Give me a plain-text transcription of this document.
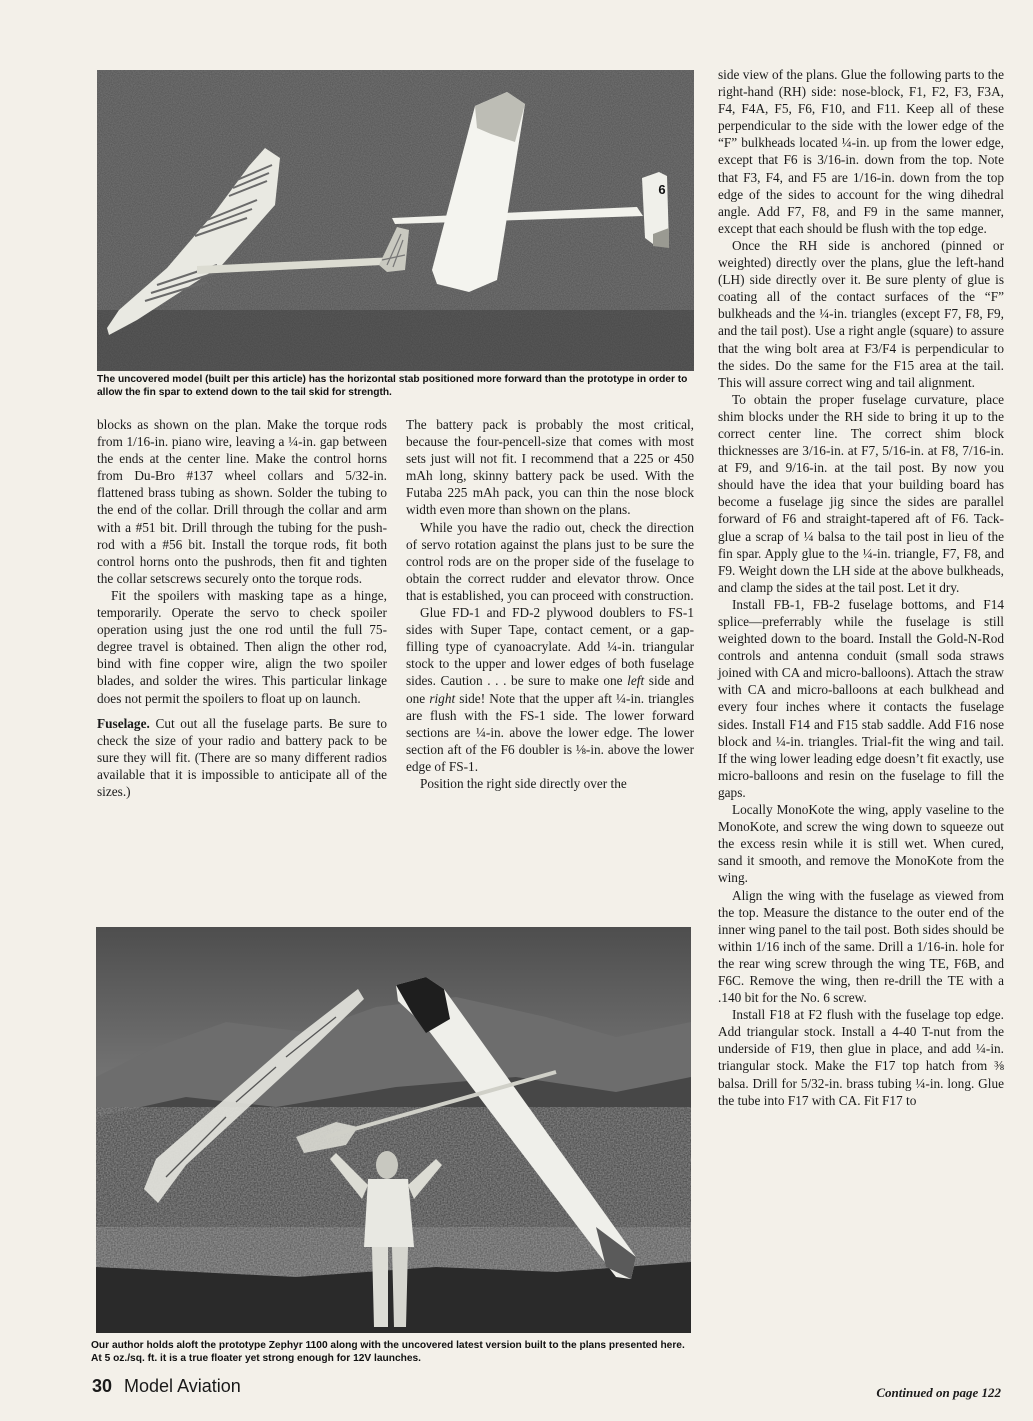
6
The uncovered model (built per this article) has the horizontal stab positioned more forward than the prototype in order to allow the fin spar to extend down to the tail skid for strength.

blocks as shown on the plan. Make the torque rods from 1/16-in. piano wire, leaving a ¼-in. gap between the ends at the center line. Make the control horns from Du-Bro #137 wheel collars and 5/32-in. flattened brass tubing as shown. Solder the tubing to the end of the collar. Drill through the collar and arm with a #51 bit. Drill through the tubing for the push-rod with a #56 bit. Install the torque rods, fit both control horns onto the pushrods, then fit and tighten the collar setscrews securely onto the torque rods.

Fit the spoilers with masking tape as a hinge, temporarily. Operate the servo to check spoiler operation using just the one rod until the full 75-degree travel is obtained. Then align the other rod, bind with fine copper wire, align the two spoiler blades, and solder the wires. This particular linkage does not permit the spoilers to float up on launch.

Fuselage. Cut out all the fuselage parts. Be sure to check the size of your radio and battery pack to be sure they will fit. (There are so many different radios available that it is impossible to anticipate all of the sizes.)

The battery pack is probably the most critical, because the four-pencell-size that comes with most sets just will not fit. I recommend that a 225 or 450 mAh long, skinny battery pack be used. With the Futaba 225 mAh pack, you can thin the nose block width even more than shown on the plans.

While you have the radio out, check the direction of servo rotation against the plans just to be sure the control rods are on the proper side of the fuselage to obtain the correct rudder and elevator throw. Once that is established, you can proceed with construction.

Glue FD-1 and FD-2 plywood doublers to FS-1 sides with Super Tape, contact cement, or a gap-filling type of cyanoacrylate. Add ¼-in. triangular stock to the upper and lower edges of both fuselage sides. Caution . . . be sure to make one left side and one right side! Note that the upper aft ¼-in. triangles are flush with the FS-1 side. The lower forward sections are ¼-in. above the lower edge. The lower section aft of the F6 doubler is ⅛-in. above the lower edge of FS-1.

Position the right side directly over the

side view of the plans. Glue the following parts to the right-hand (RH) side: nose-block, F1, F2, F3, F3A, F4, F4A, F5, F6, F10, and F11. Keep all of these perpendicular to the side with the lower edge of the “F” bulkheads located ¼-in. up from the lower edge, except that F6 is 3/16-in. down from the top. Note that F3, F4, and F5 are 1/16-in. down from the top edge of the sides to account for the wing dihedral angle. Add F7, F8, and F9 in the same manner, except that each should be flush with the top edge.

Once the RH side is anchored (pinned or weighted) directly over the plans, glue the left-hand (LH) side directly over it. Be sure plenty of glue is coating all of the contact surfaces of the “F” bulkheads and the ¼-in. triangles (except F7, F8, F9, and the tail post). Use a right angle (square) to assure that the wing bolt area at F3/F4 is perpendicular to the sides. Do the same for the F15 area at the tail. This will assure correct wing and tail alignment.

To obtain the proper fuselage curvature, place shim blocks under the RH side to bring it up to the correct center line. The correct shim block thicknesses are 3/16-in. at F7, 5/16-in. at F8, 7/16-in. at F9, and 9/16-in. at the tail post. By now you should have the idea that your building board has become a fuselage jig since the sides are parallel forward of F6 and straight-tapered aft of F6. Tack-glue a scrap of ¼ balsa to the tail post in lieu of the fin spar. Apply glue to the ¼-in. triangle, F7, F8, and F9. Weight down the LH side at the above bulkheads, and clamp the sides at the tail post. Let it dry.

Install FB-1, FB-2 fuselage bottoms, and F14 splice—preferrably while the fuselage is still weighted down to the board. Install the Gold-N-Rod controls and antenna conduit (small soda straws joined with CA and micro-balloons). Attach the straw with CA and micro-balloons at each bulkhead and every four inches where it contacts the fuselage sides. Install F14 and F15 stab saddle. Add F16 nose block and ¼-in. triangles. Trial-fit the wing and tail. If the wing lower leading edge doesn’t fit exactly, use micro-balloons and resin on the fuselage to fill the gaps.

Locally MonoKote the wing, apply vaseline to the MonoKote, and screw the wing down to squeeze out the excess resin while it is still wet. When cured, sand it smooth, and remove the MonoKote from the wing.

Align the wing with the fuselage as viewed from the top. Measure the distance to the outer end of the inner wing panel to the tail post. Both sides should be within 1/16 inch of the same. Drill a 1/16-in. hole for the rear wing screw through the wing TE, F6B, and F6C. Remove the wing, then re-drill the TE with a .140 bit for the No. 6 screw.

Install F18 at F2 flush with the fuselage top edge. Add triangular stock. Install a 4-40 T-nut from the underside of F19, then glue in place, and add ¼-in. triangular stock. Make the F17 top hatch from ⅜ balsa. Drill for 5/32-in. brass tubing ¼-in. long. Glue the tube into F17 with CA. Fit F17 to

Our author holds aloft the prototype Zephyr 1100 along with the uncovered latest version built to the plans presented here. At 5 oz./sq. ft. it is a true floater yet strong enough for 12V launches.
Continued on page 122
30 Model Aviation
